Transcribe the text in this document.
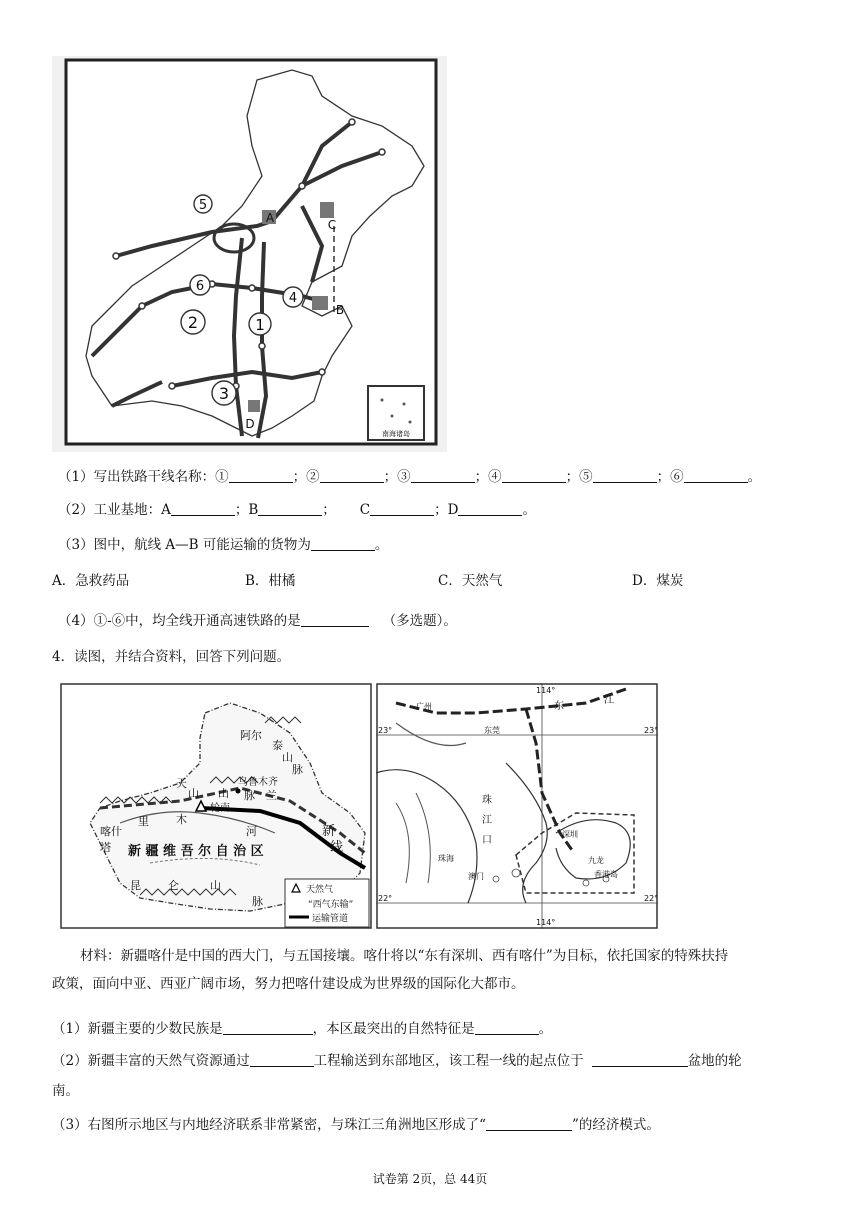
5
6
2	1
4
3
A
B
C
D
南海诸岛
（1）写出铁路干线名称：①	；②	；③	；④	；⑤	；⑥	。
（2）工业基地：A	；B	； C	；D	。
（3）图中，航线 A—B 可能运输的货物为	。
A．急救药品	B．柑橘	C．天然气	D．煤炭
（4）①-⑥中，均全线开通高速铁路的是	（多选题）。
4．读图，并结合资料，回答下列问题。
阿尔
泰
山
脉
天
山 山
乌鲁木齐
脉 兰
轮南
里 木
河	新
线
喀什
塔 新 疆 维 吾 尔 自 治 区
昆 仑	山
脉
天然气
“西气东输”
运输管道
114°
广州	东
江
23°	23°
东莞
珠
江
口
深圳
珠海
澳门
九龙
香港岛
22°	22°
114°
材料：新疆喀什是中国的西大门，与五国接壤。喀什将以“东有深圳、西有喀什”为目标，依托国家的特殊扶持
政策，面向中亚、西亚广阔市场，努力把喀什建设成为世界级的国际化大都市。
（1）新疆主要的少数民族是	，本区最突出的自然特征是	。
（2）新疆丰富的天然气资源通过	工程输送到东部地区，该工程一线的起点位于	盆地的轮
南。
（3）右图所示地区与内地经济联系非常紧密，与珠江三角洲地区形成了“	”的经济模式。
试卷第 2页，总 44页
